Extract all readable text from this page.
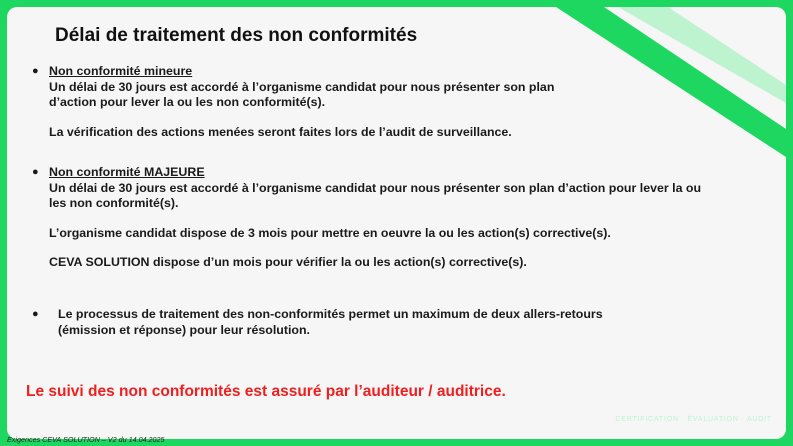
Délai de traitement des non conformités
● Non conformité mineure

Un délai de 30 jours est accordé à l’organisme candidat pour nous présenter son plan

d’action pour lever la ou les non conformité(s).

La vérification des actions menées seront faites lors de l’audit de surveillance.

● Non conformité MAJEURE

Un délai de 30 jours est accordé à l’organisme candidat pour nous présenter son plan d’action pour lever la ou

les non conformité(s).

L’organisme candidat dispose de 3 mois pour mettre en oeuvre la ou les action(s) corrective(s).

CEVA SOLUTION dispose d’un mois pour vérifier la ou les action(s) corrective(s).

● Le processus de traitement des non-conformités permet un maximum de deux allers-retours

(émission et réponse) pour leur résolution.

Le suivi des non conformités est assuré par l’auditeur / auditrice.
CERTIFICATION · ÉVALUATION · AUDIT
Exigences CEVA SOLUTION – V2 du 14.04.2025
